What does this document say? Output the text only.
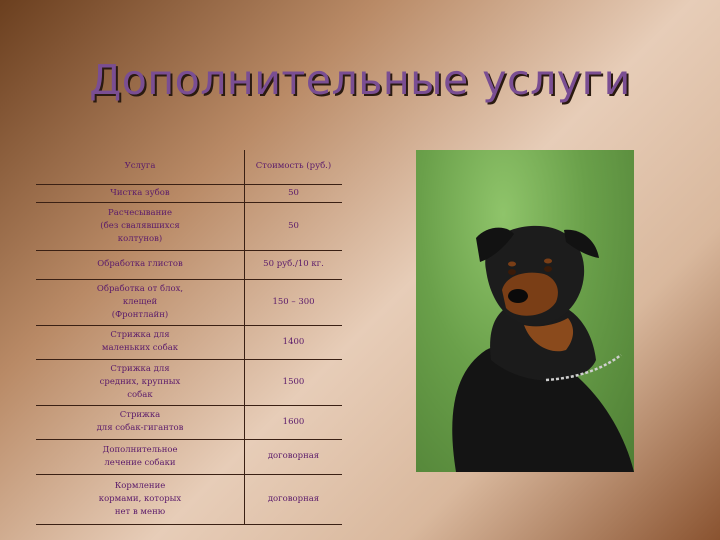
Дополнительные услуги
Услуга	Стоимость (руб.)
Чистка зубов	50
Расчесывание
(без свалявшихся
колтунов)	50
Обработка глистов	50 руб./10 кг.
Обработка от блох,
клещей
(Фронтлайн)	150 – 300
Стрижка для
маленьких собак	1400
Стрижка для
средних, крупных
собак	1500
Стрижка
для собак-гигантов	1600
Дополнительное
лечение собаки	договорная
Кормление
кормами, которых
нет в меню	договорная
